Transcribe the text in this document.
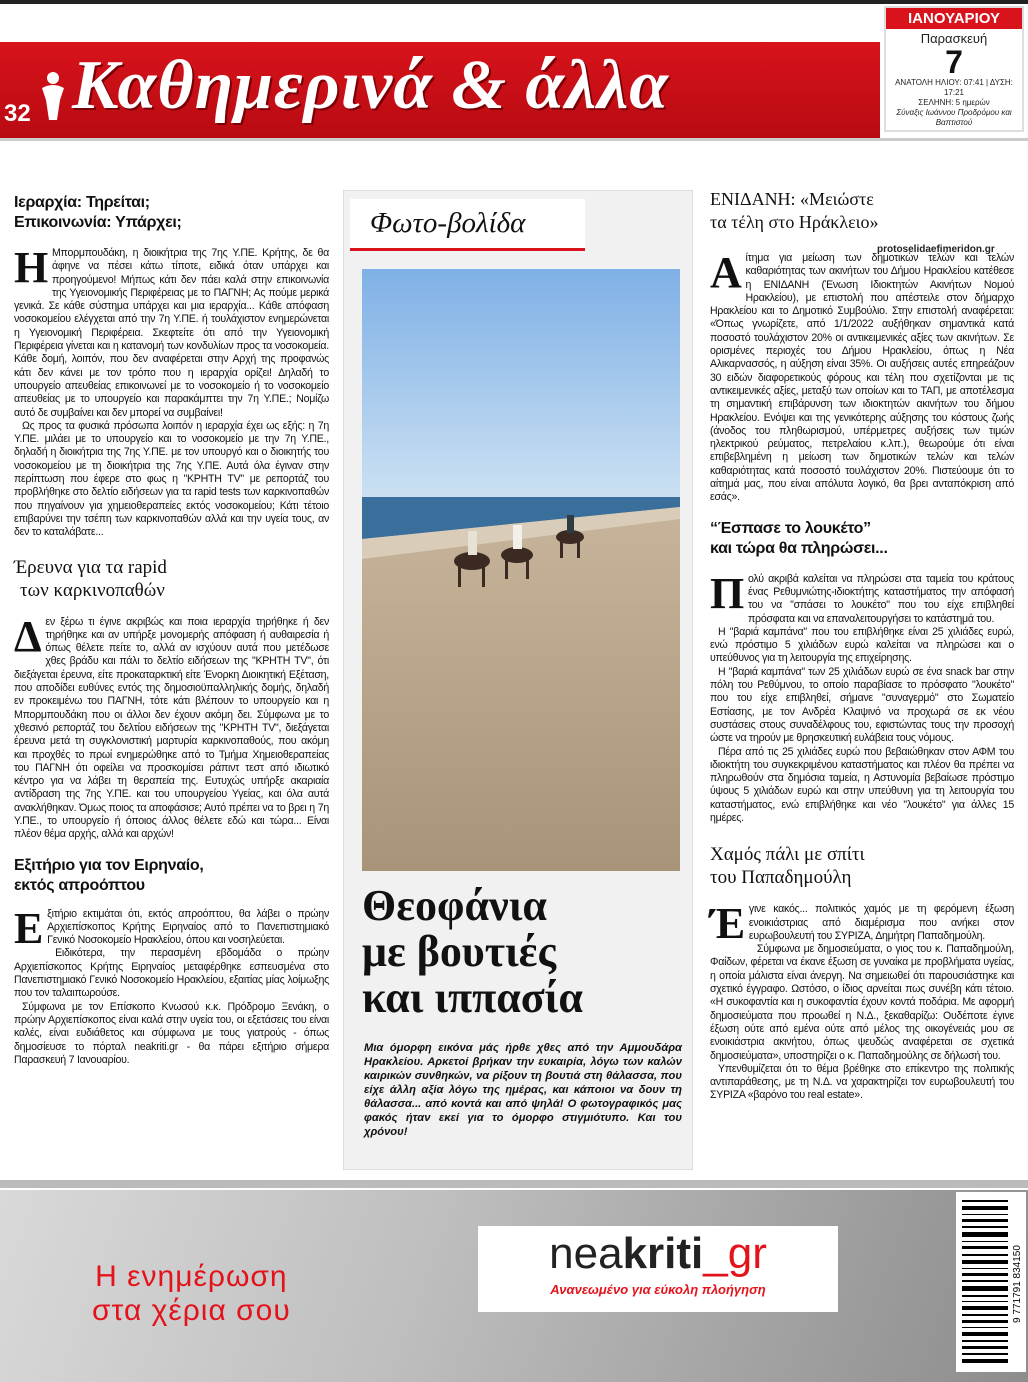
32 Καθημερινά & άλλα
ΙΑΝΟΥΑΡΙΟΥ
Παρασκευή
7
ΑΝΑΤΟΛΗ ΗΛΙΟΥ: 07:41 | ΔΥΣΗ: 17:21
ΣΕΛΗΝΗ: 5 ημερών
Σύναξις Ιωάννου Προδρόμου και Βαπτιστού
Ιεραρχία: Τηρείται;
Επικοινωνία: Υπάρχει;
Η Μπορμπουδάκη, η διοικήτρια της 7ης Υ.ΠΕ. Κρήτης, δε θα άφηνε να πέσει κάτω τίποτε, ειδικά όταν υπάρχει και προηγούμενο! Μήπως κάτι δεν πάει καλά στην επικοινωνία της Υγειονομικής Περιφέρειας με το ΠΑΓΝΗ; Ας πούμε μερικά γενικά. Σε κάθε σύστημα υπάρχει και μια ιεραρχία... Κάθε απόφαση νοσοκομείου ελέγχεται από την 7η Υ.ΠΕ. ή τουλάχιστον ενημερώνεται η Υγειονομική Περιφέρεια. Σκεφτείτε ότι από την Υγειονομική Περιφέρεια γίνεται και η κατανομή των κονδυλίων προς τα νοσοκομεία. Κάθε δομή, λοιπόν, που δεν αναφέρεται στην Αρχή της προφανώς κάτι δεν κάνει με τον τρόπο που η ιεραρχία ορίζει! Δηλαδή το υπουργείο απευθείας επικοινωνεί με το νοσοκομείο ή το νοσοκομείο απευθείας με το υπουργείο και παρακάμπτει την 7η Υ.ΠΕ.; Νομίζω αυτό δε συμβαίνει και δεν μπορεί να συμβαίνει!

Ως προς τα φυσικά πρόσωπα λοιπόν η ιεραρχία έχει ως εξής: η 7η Υ.ΠΕ. μιλάει με το υπουργείο και το νοσοκομείο με την 7η Υ.ΠΕ., δηλαδή η διοικήτρια της 7ης Υ.ΠΕ. με τον υπουργό και ο διοικητής του νοσοκομείου με τη διοικήτρια της 7ης Υ.ΠΕ. Αυτά όλα έγιναν στην περίπτωση που έφερε στο φως η "ΚΡΗΤΗ TV" με ρεπορτάζ του προβλήθηκε στο δελτίο ειδήσεων για τα rapid tests των καρκινοπαθών που πηγαίνουν για χημειοθεραπείες εκτός νοσοκομείου; Κάτι τέτοιο επιβαρύνει την τσέπη των καρκινοπαθών αλλά και την υγεία τους, αν δεν το καταλάβατε...

Έρευνα για τα rapid
των καρκινοπαθών
Δ εν ξέρω τι έγινε ακριβώς και ποια ιεραρχία τηρήθηκε ή δεν τηρήθηκε και αν υπήρξε μονομερής απόφαση ή αυθαιρεσία ή όπως θέλετε πείτε το, αλλά αν ισχύουν αυτά που μετέδωσε χθες βράδυ και πάλι το δελτίο ειδήσεων της "ΚΡΗΤΗ TV", ότι διεξάγεται έρευνα, είτε προκαταρκτική είτε Ένορκη Διοικητική Εξέταση, που αποδίδει ευθύνες εντός της δημοσιοϋπαλληλικής δομής, δηλαδή εν προκειμένω του ΠΑΓΝΗ, τότε κάτι βλέπουν το υπουργείο και η Μπορμπουδάκη που οι άλλοι δεν έχουν ακόμη δει. Σύμφωνα με το χθεσινό ρεπορτάζ του δελτίου ειδήσεων της "ΚΡΗΤΗ TV", διεξάγεται έρευνα μετά τη συγκλονιστική μαρτυρία καρκινοπαθούς, που ακόμη και προχθές το πρωί ενημερώθηκε από το Τμήμα Χημειοθεραπείας του ΠΑΓΝΗ ότι οφείλει να προσκομίσει ράπιντ τεστ από ιδιωτικό κέντρο για να λάβει τη θεραπεία της. Ευτυχώς υπήρξε ακαριαία αντίδραση της 7ης Υ.ΠΕ. και του υπουργείου Υγείας, και όλα αυτά ανακλήθηκαν. Όμως ποιος τα αποφάσισε; Αυτό πρέπει να το βρει η 7η Υ.ΠΕ., το υπουργείο ή όποιος άλλος θέλετε εδώ και τώρα... Είναι πλέον θέμα αρχής, αλλά και αρχών!
Εξιτήριο για τον Ειρηναίο,
εκτός απροόπτου
Ε ξιτήριο εκτιμάται ότι, εκτός απροόπτου, θα λάβει ο πρώην Αρχιεπίσκοπος Κρήτης Ειρηναίος από το Πανεπιστημιακό Γενικό Νοσοκομείο Ηρακλείου, όπου και νοσηλεύεται.

Ειδικότερα, την περασμένη εβδομάδα ο πρώην Αρχιεπίσκοπος Κρήτης Ειρηναίος μεταφέρθηκε εσπευσμένα στο Πανεπιστημιακό Γενικό Νοσοκομείο Ηρακλείου, εξαιτίας μίας λοίμωξης που τον ταλαιπωρούσε.

Σύμφωνα με τον Επίσκοπο Κνωσού κ.κ. Πρόδρομο Ξενάκη, ο πρώην Αρχιεπίσκοπος είναι καλά στην υγεία του, οι εξετάσεις του είναι καλές, είναι ευδιάθετος και σύμφωνα με τους γιατρούς - όπως δημοσίευσε το πόρταλ neakriti.gr - θα πάρει εξιτήριο σήμερα Παρασκευή 7 Ιανουαρίου.

Φωτο-βολίδα
Θεοφάνια
με βουτιές
και ιππασία
Μια όμορφη εικόνα μάς ήρθε χθες από την Αμμουδάρα Ηρακλείου. Αρκετοί βρήκαν την ευκαιρία, λόγω των καλών καιρικών συνθηκών, να ρίξουν τη βουτιά στη θάλασσα, που είχε άλλη αξία λόγω της ημέρας, και κάποιοι να δουν τη θάλασσα... από κοντά και από ψηλά! Ο φωτογραφικός μας φακός ήταν εκεί για το όμορφο στιγμιότυπο. Και του χρόνου!
ΕΝΙΔΑΝΗ: «Μειώστε
τα τέλη στο Ηράκλειο»
Α ίτημα για μείωση των δημοτικών τελών και τελών καθαριότητας των ακινήτων του Δήμου Ηρακλείου κατέθεσε η ΕΝΙΔΑΝΗ (Ένωση Ιδιοκτητών Ακινήτων Νομού Ηρακλείου), με επιστολή που απέστειλε στον δήμαρχο Ηρακλείου και το Δημοτικό Συμβούλιο. Στην επιστολή αναφέρεται: «Όπως γνωρίζετε, από 1/1/2022 αυξήθηκαν σημαντικά κατά ποσοστό τουλάχιστον 20% οι αντικειμενικές αξίες των ακινήτων. Σε ορισμένες περιοχές του Δήμου Ηρακλείου, όπως η Νέα Αλικαρνασσός, η αύξηση είναι 35%. Οι αυξήσεις αυτές επηρεάζουν 30 ειδών διαφορετικούς φόρους και τέλη που σχετίζονται με τις αντικειμενικές αξίες, μεταξύ των οποίων και το ΤΑΠ, με αποτέλεσμα τη σημαντική επιβάρυνση των ιδιοκτητών ακινήτων του δήμου Ηρακλείου. Ενόψει και της γενικότερης αύξησης του κόστους ζωής (άνοδος του πληθωρισμού, υπέρμετρες αυξήσεις των τιμών ηλεκτρικού ρεύματος, πετρελαίου κ.λπ.), θεωρούμε ότι είναι επιβεβλημένη η μείωση των δημοτικών τελών και τελών καθαριότητας κατά ποσοστό τουλάχιστον 20%. Πιστεύουμε ότι το αίτημά μας, που είναι απόλυτα λογικό, θα βρει ανταπόκριση από εσάς».
“Έσπασε το λουκέτο”
και τώρα θα πληρώσει...
Π ολύ ακριβά καλείται να πληρώσει στα ταμεία του κράτους ένας Ρεθυμνιώτης-ιδιοκτήτης καταστήματος την απόφασή του να "σπάσει το λουκέτο" που του είχε επιβληθεί πρόσφατα και να επαναλειτουργήσει το κατάστημά του.

Η "βαριά καμπάνα" που του επιβλήθηκε είναι 25 χιλιάδες ευρώ, ενώ πρόστιμο 5 χιλιάδων ευρώ καλείται να πληρώσει και ο υπεύθυνος για τη λειτουργία της επιχείρησης.

Η "βαριά καμπάνα" των 25 χιλιάδων ευρώ σε ένα snack bar στην πόλη του Ρεθύμνου, το οποίο παραβίασε το πρόσφατο "λουκέτο" που του είχε επιβληθεί, σήμανε "συναγερμό" στο Σωματείο Εστίασης, με τον Ανδρέα Κλαψινό να προχωρά σε εκ νέου συστάσεις στους συναδέλφους του, εφιστώντας τους την προσοχή ώστε να τηρούν με θρησκευτική ευλάβεια τους νόμους.

Πέρα από τις 25 χιλιάδες ευρώ που βεβαιώθηκαν στον ΑΦΜ του ιδιοκτήτη του συγκεκριμένου καταστήματος και πλέον θα πρέπει να πληρωθούν στα δημόσια ταμεία, η Αστυνομία βεβαίωσε πρόστιμο ύψους 5 χιλιάδων ευρώ και στην υπεύθυνη για τη λειτουργία του καταστήματος, ενώ επιβλήθηκε και νέο "λουκέτο" για άλλες 15 ημέρες.

Χαμός πάλι με σπίτι
του Παπαδημούλη
Έ γινε κακός... πολιτικός χαμός με τη φερόμενη έξωση ενοικιάστριας από διαμέρισμα που ανήκει στον ευρωβουλευτή του ΣΥΡΙΖΑ, Δημήτρη Παπαδημούλη.

Σύμφωνα με δημοσιεύματα, ο γιος του κ. Παπαδημούλη, Φαίδων, φέρεται να έκανε έξωση σε γυναίκα με προβλήματα υγείας, η οποία μάλιστα είναι άνεργη. Να σημειωθεί ότι παρουσιάστηκε και σχετικό έγγραφο. Ωστόσο, ο ίδιος αρνείται πως συνέβη κάτι τέτοιο. «Η συκοφαντία και η συκοφαντία έχουν κοντά ποδάρια. Με αφορμή δημοσιεύματα που προωθεί η Ν.Δ., ξεκαθαρίζω: Ουδέποτε έγινε έξωση ούτε από εμένα ούτε από μέλος της οικογένειάς μου σε ενοικιάστρια ακινήτου, όπως ψευδώς αναφέρεται σε σχετικά δημοσιεύματα», υποστηρίζει ο κ. Παπαδημούλης σε δήλωσή του.

Υπενθυμίζεται ότι το θέμα βρέθηκε στο επίκεντρο της πολιτικής αντιπαράθεσης, με τη Ν.Δ. να χαρακτηρίζει τον ευρωβουλευτή του ΣΥΡΙΖΑ «βαρόνο του real estate».

protoselidaefimeridon.gr
Η ενημέρωση
στα χέρια σου
neakriti_gr
Ανανεωμένο για εύκολη πλοήγηση	9 771791 834150
